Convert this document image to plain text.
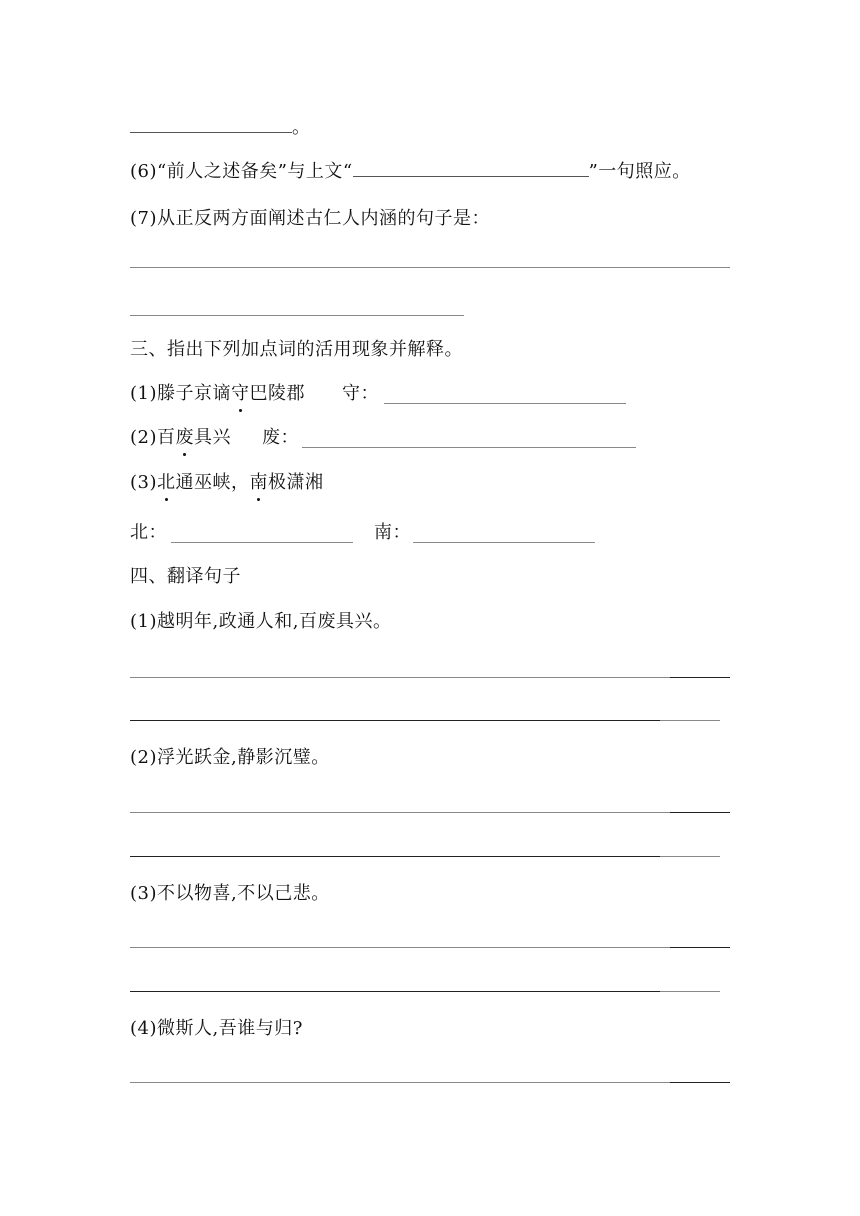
。
(6)“前人之述备矣”与上文“	”一句照应。
(7)从正反两方面阐述古仁人内涵的句子是：
三、指出下列加点词的活用现象并解释。
(1)滕子京谪守巴陵郡 守：
(2)百废具兴 废：
(3)北通巫峡，南极潇湘
北：	南：
四、翻译句子
(1)越明年,政通人和,百废具兴。
(2)浮光跃金,静影沉璧。
(3)不以物喜,不以己悲。
(4)微斯人,吾谁与归?
